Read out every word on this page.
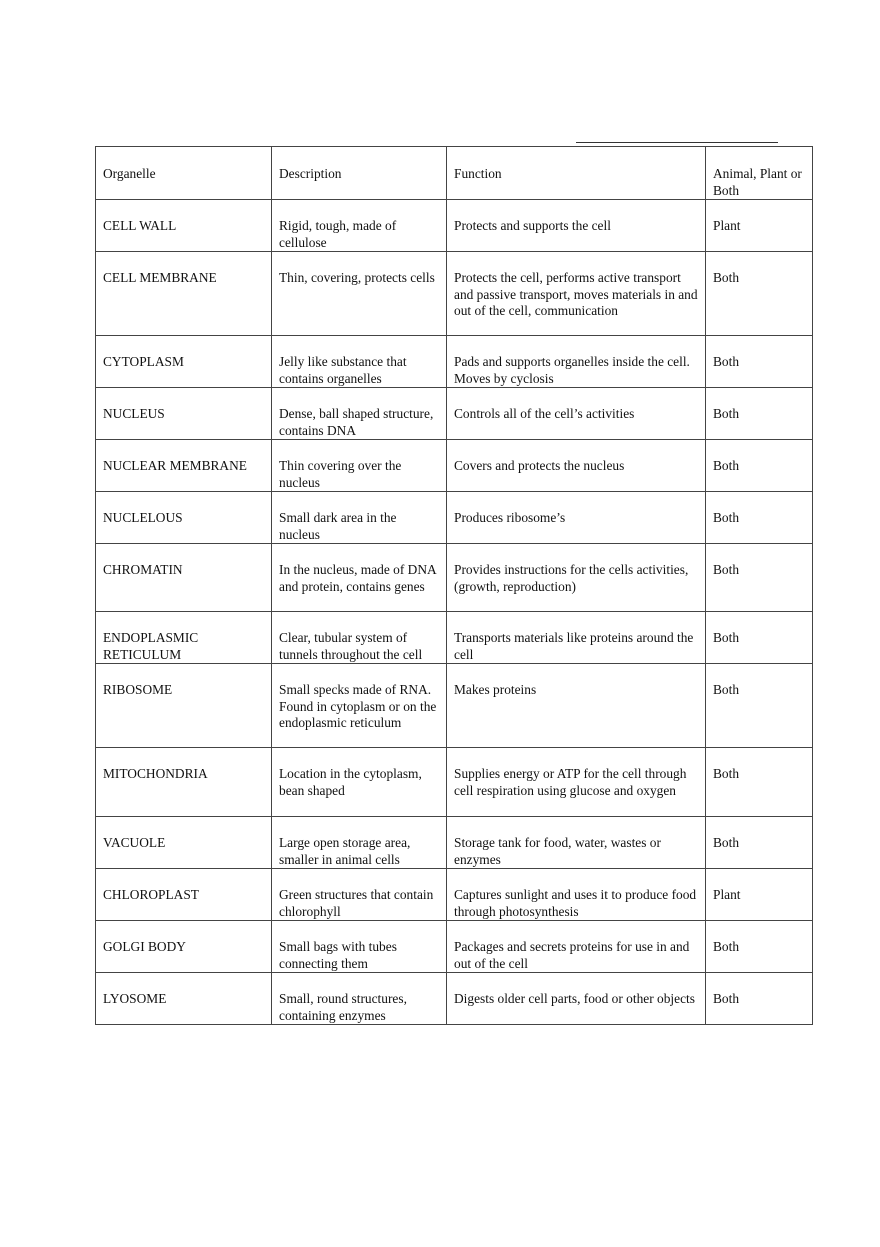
Organelle	Description	Function	Animal, Plant or Both
CELL WALL	Rigid, tough, made of cellulose	Protects and supports the cell	Plant
CELL MEMBRANE	Thin, covering, protects cells	Protects the cell, performs active transport and passive transport, moves materials in and out of the cell, communication	Both
CYTOPLASM	Jelly like substance that contains organelles	Pads and supports organelles inside the cell. Moves by cyclosis	Both
NUCLEUS	Dense, ball shaped structure, contains DNA	Controls all of the cell’s activities	Both
NUCLEAR MEMBRANE	Thin covering over the nucleus	Covers and protects the nucleus	Both
NUCLELOUS	Small dark area in the nucleus	Produces ribosome’s	Both
CHROMATIN	In the nucleus, made of DNA and protein, contains genes	Provides instructions for the cells activities, (growth, reproduction)	Both
ENDOPLASMIC RETICULUM	Clear, tubular system of tunnels throughout the cell	Transports materials like proteins around the cell	Both
RIBOSOME	Small specks made of RNA. Found in cytoplasm or on the endoplasmic reticulum	Makes proteins	Both
MITOCHONDRIA	Location in the cytoplasm, bean shaped	Supplies energy or ATP for the cell through cell respiration using glucose and oxygen	Both
VACUOLE	Large open storage area, smaller in animal cells	Storage tank for food, water, wastes or enzymes	Both
CHLOROPLAST	Green structures that contain chlorophyll	Captures sunlight and uses it to produce food through photosynthesis	Plant
GOLGI BODY	Small bags with tubes connecting them	Packages and secrets proteins for use in and out of the cell	Both
LYOSOME	Small, round structures, containing enzymes	Digests older cell parts, food or other objects	Both
